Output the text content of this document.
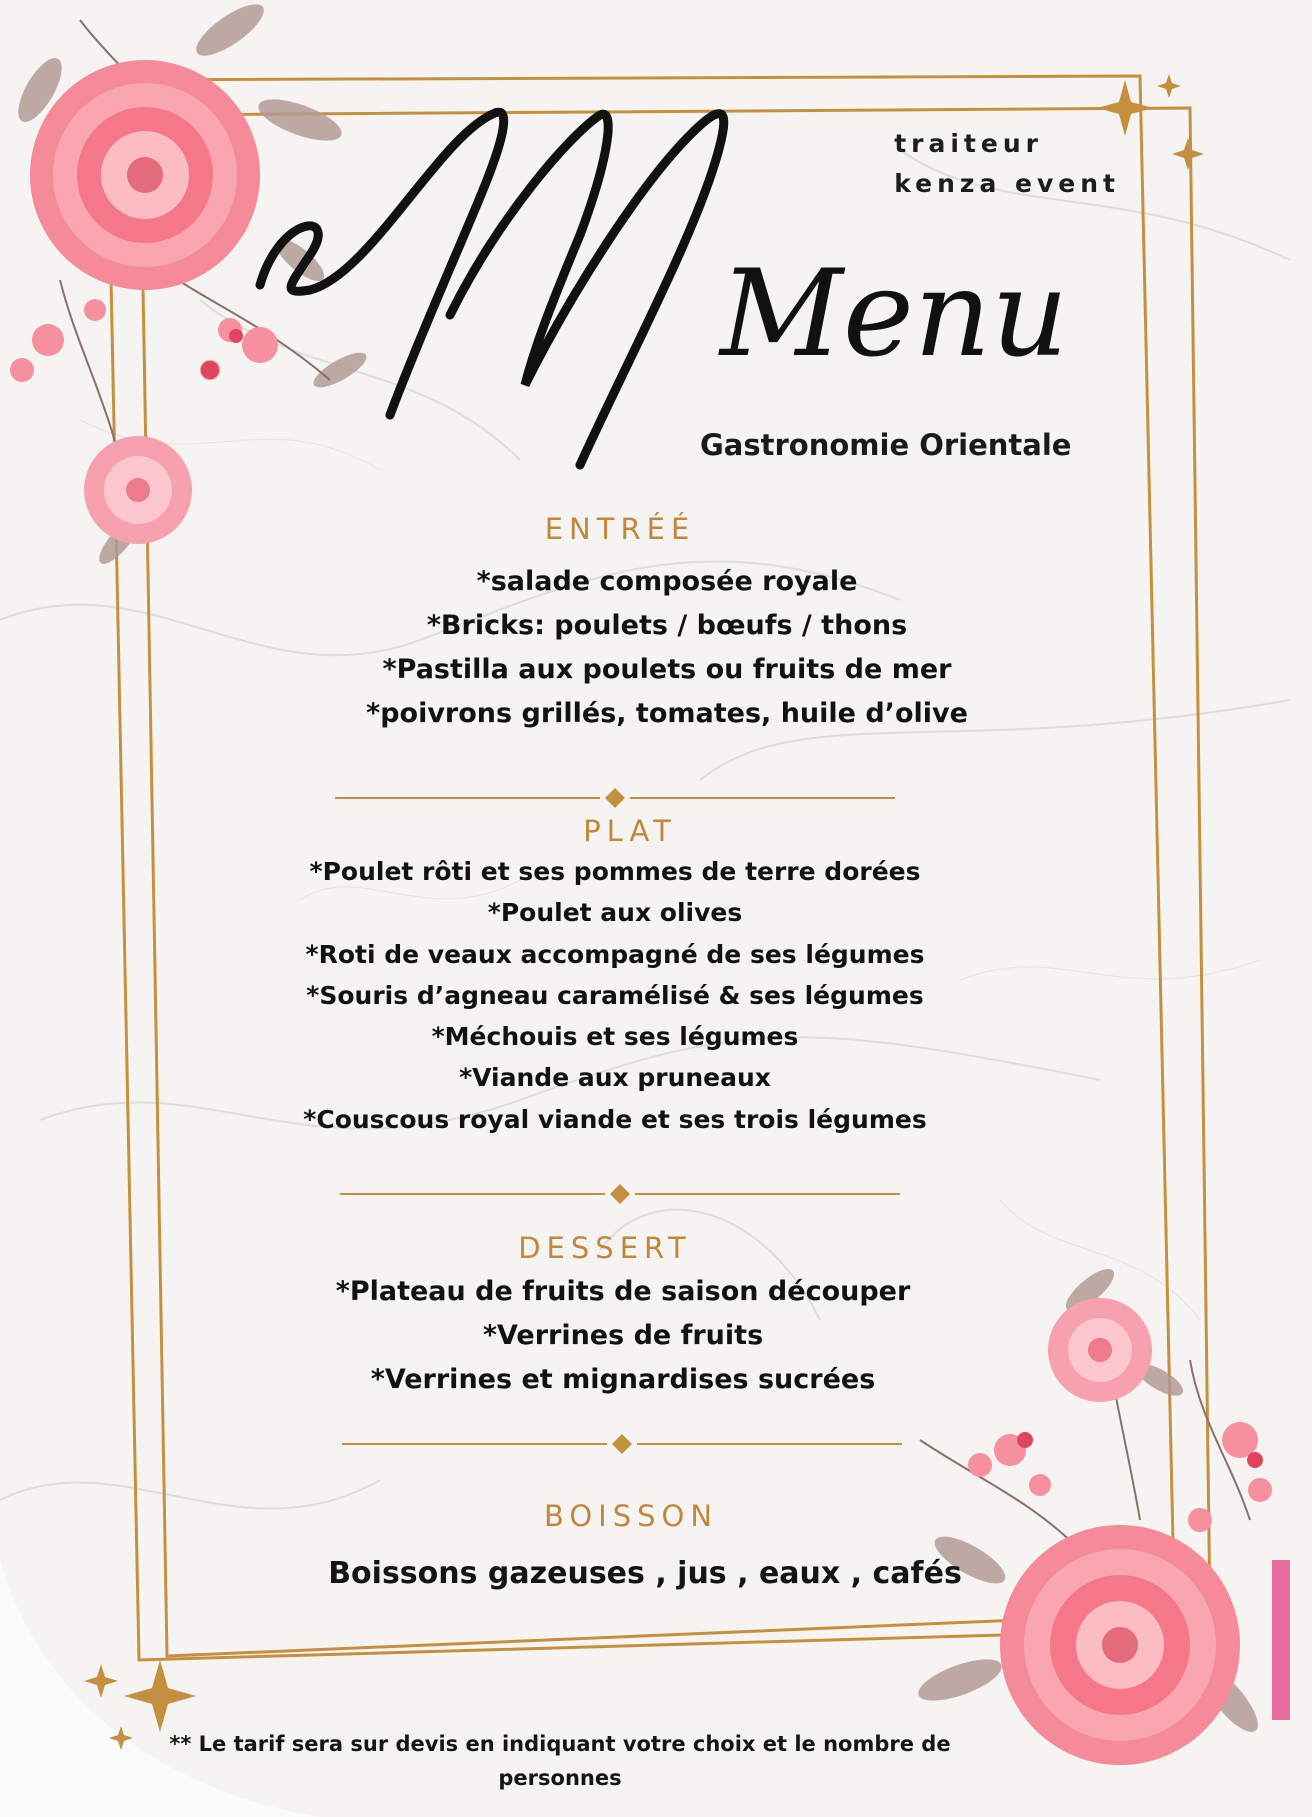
traiteur
kenza event
Menu
Gastronomie Orientale
ENTRÉÉ
*salade composée royale
*Bricks: poulets / bœufs / thons
*Pastilla aux poulets ou fruits de mer
*poivrons grillés, tomates, huile d’olive
PLAT
*Poulet rôti et ses pommes de terre dorées
*Poulet aux olives
*Roti de veaux accompagné de ses légumes
*Souris d’agneau caramélisé & ses légumes
*Méchouis et ses légumes
*Viande aux pruneaux
*Couscous royal viande et ses trois légumes
DESSERT
*Plateau de fruits de saison découper
*Verrines de fruits
*Verrines et mignardises sucrées
BOISSON
Boissons gazeuses , jus , eaux , cafés
** Le tarif sera sur devis en indiquant votre choix et le nombre de
personnes
